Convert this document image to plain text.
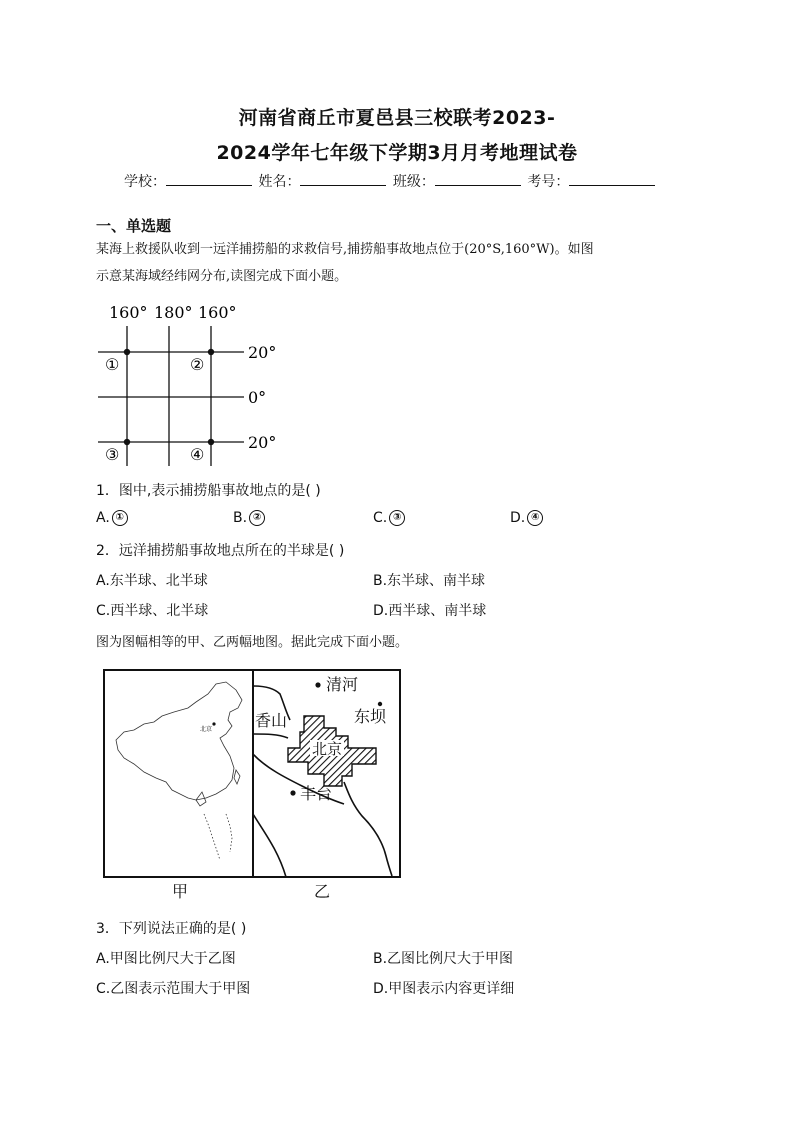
河南省商丘市夏邑县三校联考2023-
2024学年七年级下学期3月月考地理试卷
学校：	姓名：	班级：	考号：
一、单选题
某海上救援队收到一远洋捕捞船的求救信号,捕捞船事故地点位于(20°S,160°W)。如图
示意某海域经纬网分布,读图完成下面小题。
160° 180° 160°
20°
0°
20°
①	②
③	④
1．图中,表示捕捞船事故地点的是( )
A. ①	B. ②	C. ③	D. ④
2．远洋捕捞船事故地点所在的半球是( )
A.东半球、北半球	B.东半球、南半球
C.西半球、北半球	D.西半球、南半球
图为图幅相等的甲、乙两幅地图。据此完成下面小题。
北京
清河
东坝
香山
北京
丰台
甲	乙
3．下列说法正确的是( )
A.甲图比例尺大于乙图	B.乙图比例尺大于甲图
C.乙图表示范围大于甲图	D.甲图表示内容更详细
